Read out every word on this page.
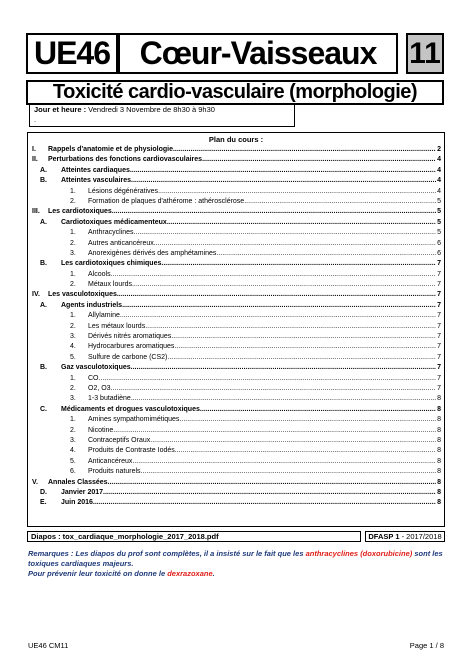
UE46 Cœur-Vaisseaux 11
Toxicité cardio-vasculaire (morphologie)
Jour et heure : Vendredi 3 Novembre de 8h30 à 9h30
.
Plan du cours :
I.	Rappels d'anatomie et de physiologie .....	2
II.	Perturbations des fonctions cardiovasculaires .....	4
A.	Atteintes cardiaques .....	4
B.	Atteintes vasculaires .....	4
1.	Lésions dégénératives .....	4
2.	Formation de plaques d'athérome : athérosclérose .....	5
III.	Les cardiotoxiques .....	5
A.	Cardiotoxiques médicamenteux .....	5
1.	Anthracyclines .....	5
2.	Autres anticancéreux .....	6
3.	Anorexigènes dérivés des amphétamines .....	6
B.	Les cardiotoxiques chimiques .....	7
1.	Alcools .....	7
2.	Métaux lourds .....	7
IV.	Les vasculotoxiques .....	7
A.	Agents industriels .....	7
1.	Allylamine .....	7
2.	Les métaux lourds .....	7
3.	Dérivés nitrés aromatiques .....	7
4.	Hydrocarbures aromatiques .....	7
5.	Sulfure de carbone (CS2) .....	7
B.	Gaz vasculotoxiques .....	7
1.	CO .....	7
2.	O2, O3 .....	7
3.	1-3 butadiène .....	8
C.	Médicaments et drogues vasculotoxiques .....	8
1.	Amines sympathomimétiques .....	8
2.	Nicotine .....	8
3.	Contraceptifs Oraux .....	8
4.	Produits de Contraste Iodés .....	8
5.	Anticancéreux .....	8
6.	Produits naturels .....	8
V.	Annales Classées .....	8
D.	Janvier 2017 .....	8
E.	Juin 2016 .....	8
Diapos : tox_cardiaque_morphologie_2017_2018.pdf	DFASP 1 - 2017/2018
Remarques : Les diapos du prof sont complètes, il a insisté sur le fait que les anthracyclines (doxorubicine) sont les toxiques cardiaques majeurs.
Pour prévenir leur toxicité on donne le dexrazoxane.
UE46 CM11	Page 1 / 8
